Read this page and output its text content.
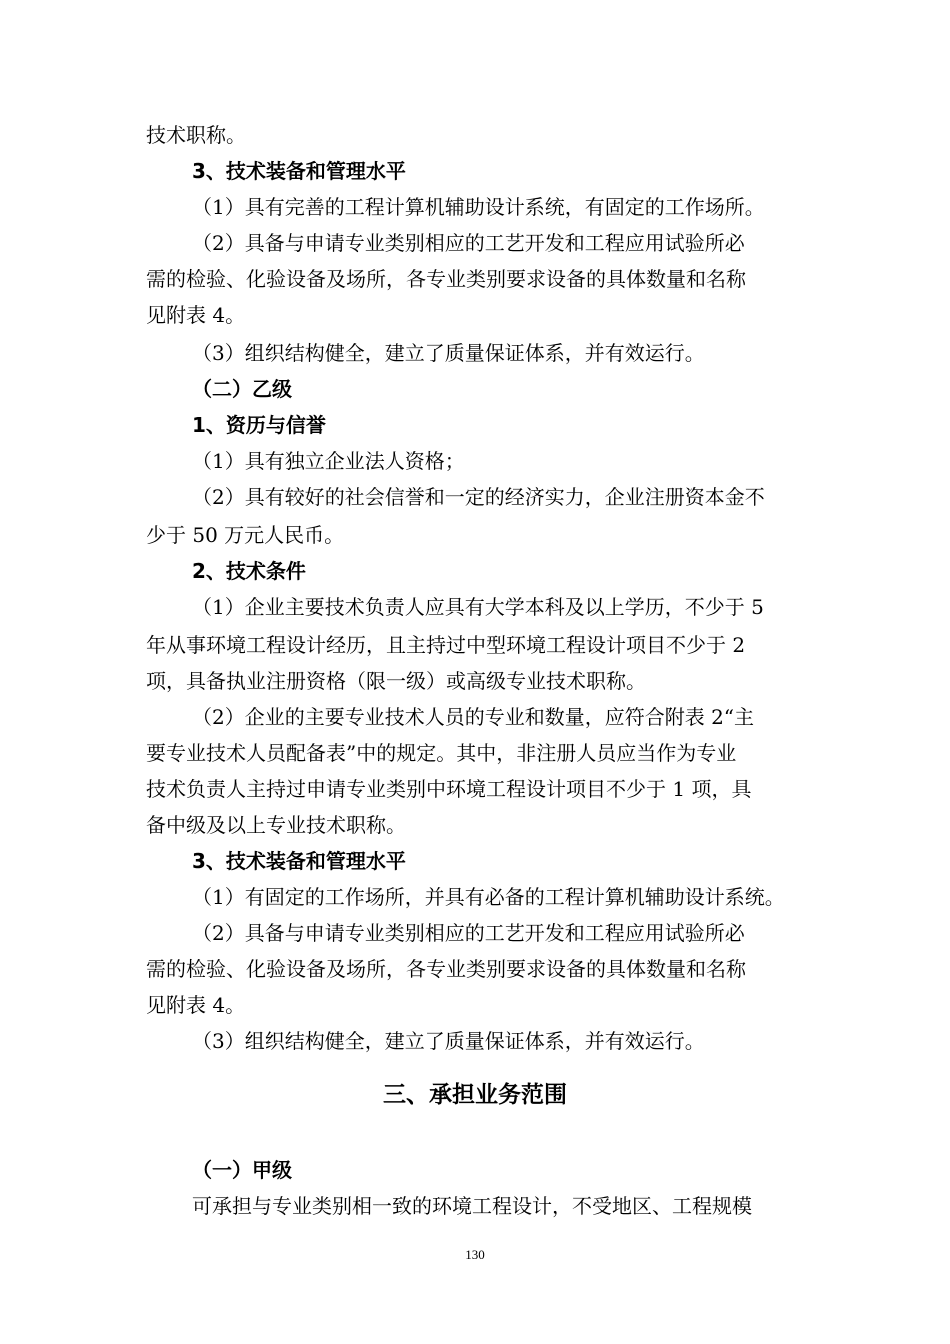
技术职称。
3、技术装备和管理水平
（1）具有完善的工程计算机辅助设计系统，有固定的工作场所。
（2）具备与申请专业类别相应的工艺开发和工程应用试验所必
需的检验、化验设备及场所，各专业类别要求设备的具体数量和名称
见附表 4。
（3）组织结构健全，建立了质量保证体系，并有效运行。
（二）乙级
1、资历与信誉
（1）具有独立企业法人资格；
（2）具有较好的社会信誉和一定的经济实力，企业注册资本金不
少于 50 万元人民币。
2、技术条件
（1）企业主要技术负责人应具有大学本科及以上学历，不少于 5
年从事环境工程设计经历，且主持过中型环境工程设计项目不少于 2
项，具备执业注册资格（限一级）或高级专业技术职称。
（2）企业的主要专业技术人员的专业和数量，应符合附表 2“主
要专业技术人员配备表”中的规定。其中，非注册人员应当作为专业
技术负责人主持过申请专业类别中环境工程设计项目不少于 1 项，具
备中级及以上专业技术职称。
3、技术装备和管理水平
（1）有固定的工作场所，并具有必备的工程计算机辅助设计系统。
（2）具备与申请专业类别相应的工艺开发和工程应用试验所必
需的检验、化验设备及场所，各专业类别要求设备的具体数量和名称
见附表 4。
（3）组织结构健全，建立了质量保证体系，并有效运行。
三、承担业务范围
（一）甲级
可承担与专业类别相一致的环境工程设计，不受地区、工程规模
130
